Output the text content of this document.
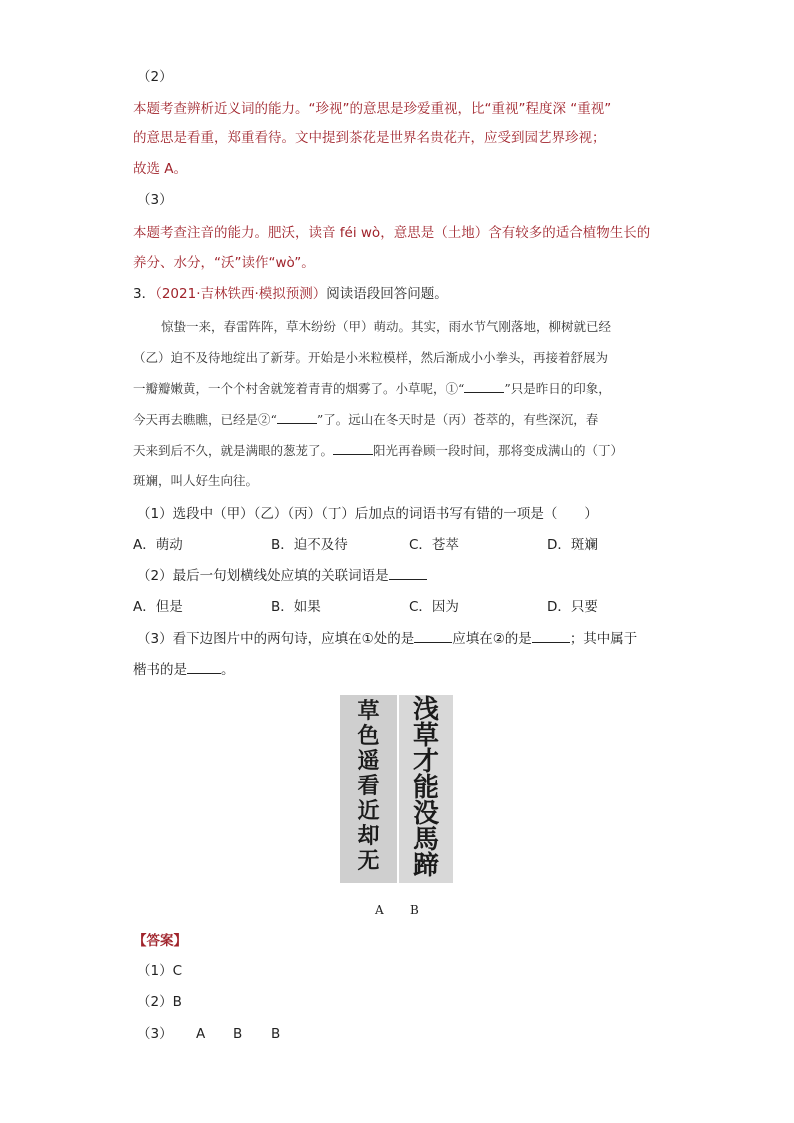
（2）
本题考查辨析近义词的能力。“珍视”的意思是珍爱重视，比“重视”程度深 “重视”
的意思是看重，郑重看待。文中提到茶花是世界名贵花卉，应受到园艺界珍视；
故选 A。
（3）
本题考查注音的能力。肥沃，读音 féi wò，意思是（土地）含有较多的适合植物生长的
养分、水分，“沃”读作“wò”。
3．（2021·吉林铁西·模拟预测）阅读语段回答问题。
惊蛰一来，春雷阵阵，草木纷纷（甲）萌动。其实，雨水节气刚落地，柳树就已经
（乙）迫不及待地绽出了新芽。开始是小米粒模样，然后渐成小小拳头，再接着舒展为
一瓣瓣嫩黄，一个个村舍就笼着青青的烟雾了。小草呢，①“	”只是昨日的印象，
今天再去瞧瞧，已经是②“	”了。远山在冬天时是（丙）苍萃的，有些深沉，春
天来到后不久，就是满眼的葱茏了。	阳光再眷顾一段时间，那将变成满山的（丁）
斑斓，叫人好生向往。
（1）选段中（甲）（乙）（丙）（丁）后加点的词语书写有错的一项是（　　）
A．萌动	B．迫不及待	C．苍萃	D．斑斓
（2）最后一句划横线处应填的关联词语是
A．但是	B．如果	C．因为	D．只要
（3）看下边图片中的两句诗，应填在①处的是	应填在②的是	；其中属于
楷书的是	。
草
色
遥
看
近
却
无
浅
草
才
能
没
馬
蹄
A B
【答案】
（1）C
（2）B
（3） A B B
